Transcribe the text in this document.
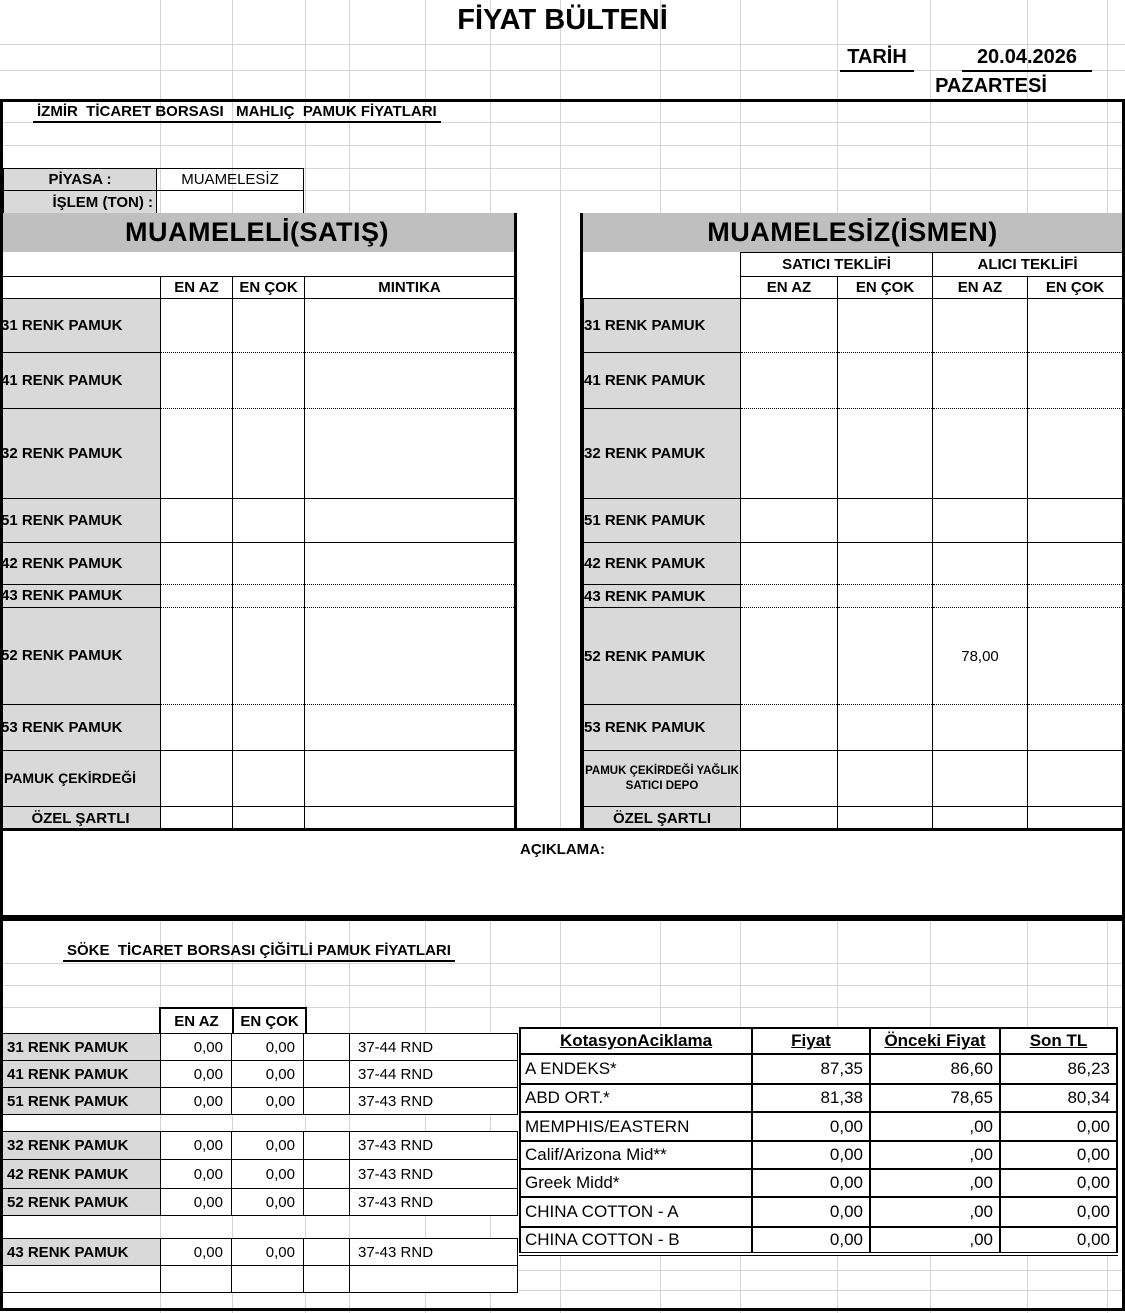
FİYAT BÜLTENİ
TARİH	20.04.2026
PAZARTESİ
İZMİR  TİCARET BORSASI   MAHLIÇ  PAMUK FİYATLARI
PİYASA :	MUAMELESİZ
İŞLEM (TON) :
MUAMELELİ(SATIŞ)

	EN AZ	EN ÇOK	MINTIKA
31 RENK PAMUK			
41 RENK PAMUK			
32 RENK PAMUK			
51 RENK PAMUK			
42 RENK PAMUK			
43 RENK PAMUK			
52 RENK PAMUK			
53 RENK PAMUK			
PAMUK ÇEKİRDEĞİ			
ÖZEL ŞARTLI			
MUAMELESİZ(İSMEN)
	SATICI TEKLİFİ		ALICI TEKLİFİ	
	EN AZ	EN ÇOK	EN AZ	EN ÇOK
31 RENK PAMUK				
41 RENK PAMUK				
32 RENK PAMUK				
51 RENK PAMUK				
42 RENK PAMUK				
43 RENK PAMUK				
52 RENK PAMUK			78,00	
53 RENK PAMUK				
PAMUK ÇEKİRDEĞİ YAĞLIK SATICI DEPO				
ÖZEL ŞARTLI				
AÇIKLAMA:
SÖKE  TİCARET BORSASI ÇİĞİTLİ PAMUK FİYATLARI
EN AZ	EN ÇOK
31 RENK PAMUK	0,00	0,00		37-44 RND
41 RENK PAMUK	0,00	0,00		37-44 RND
51 RENK PAMUK	0,00	0,00		37-43 RND
32 RENK PAMUK	0,00	0,00		37-43 RND
42 RENK PAMUK	0,00	0,00		37-43 RND
52 RENK PAMUK	0,00	0,00		37-43 RND
43 RENK PAMUK	0,00	0,00		37-43 RND

KotasyonAciklama	Fiyat	Önceki Fiyat	Son TL
A ENDEKS*	87,35	86,60	86,23
ABD ORT.*	81,38	78,65	80,34
MEMPHIS/EASTERN	0,00	,00	0,00
Calif/Arizona Mid**	0,00	,00	0,00
Greek Midd*	0,00	,00	0,00
CHINA COTTON - A	0,00	,00	0,00
CHINA COTTON - B	0,00	,00	0,00
